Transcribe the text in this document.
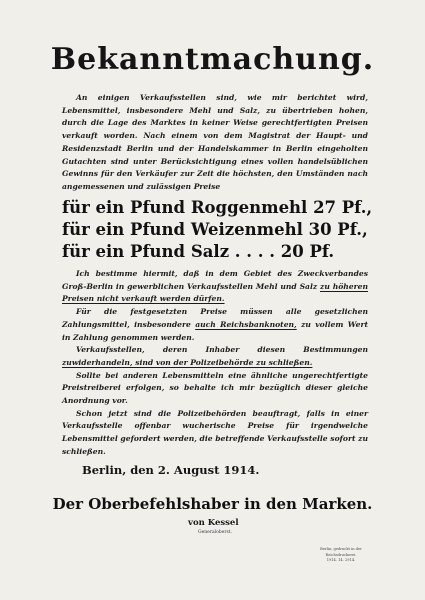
Bekanntmachung.

An einigen Verkaufsstellen sind, wie mir berichtet wird, Lebensmittel, insbesondere Mehl und Salz, zu übertrieben hohen, durch die Lage des Marktes in keiner Weise gerechtfertigten Preisen verkauft worden. Nach einem von dem Magistrat der Haupt- und Residenzstadt Berlin und der Handelskammer in Berlin eingeholten Gutachten sind unter Berücksichtigung eines vollen handelsüblichen Gewinns für den Verkäufer zur Zeit die höchsten, den Umständen nach angemessenen und zulässigen Preise

für ein Pfund Roggenmehl 27 Pf.,
für ein Pfund Weizenmehl 30 Pf.,
für ein Pfund Salz . . . . 20 Pf.

Ich bestimme hiermit, daß in dem Gebiet des Zweckverbandes Groß-Berlin in gewerblichen Verkaufsstellen Mehl und Salz zu höheren Preisen nicht verkauft werden dürfen.

Für die festgesetzten Preise müssen alle gesetzlichen Zahlungsmittel, insbesondere auch Reichsbanknoten, zu vollem Wert in Zahlung genommen werden.

Verkaufsstellen, deren Inhaber diesen Bestimmungen zuwiderhandeln, sind von der Polizeibehörde zu schließen.

Sollte bei anderen Lebensmitteln eine ähnliche ungerechtfertigte Preistreiberei erfolgen, so behalte ich mir bezüglich dieser gleiche Anordnung vor.

Schon jetzt sind die Polizeibehörden beauftragt, falls in einer Verkaufsstelle offenbar wucherische Preise für irgendwelche Lebensmittel gefordert werden, die betreffende Verkaufsstelle sofort zu schließen.

Berlin, den 2. August 1914.
Der Oberbefehlshaber in den Marken.
von Kessel
Generaloberst.
Berlin, gedruckt in der Reichsdruckerei.
1914. 14. 2914.
